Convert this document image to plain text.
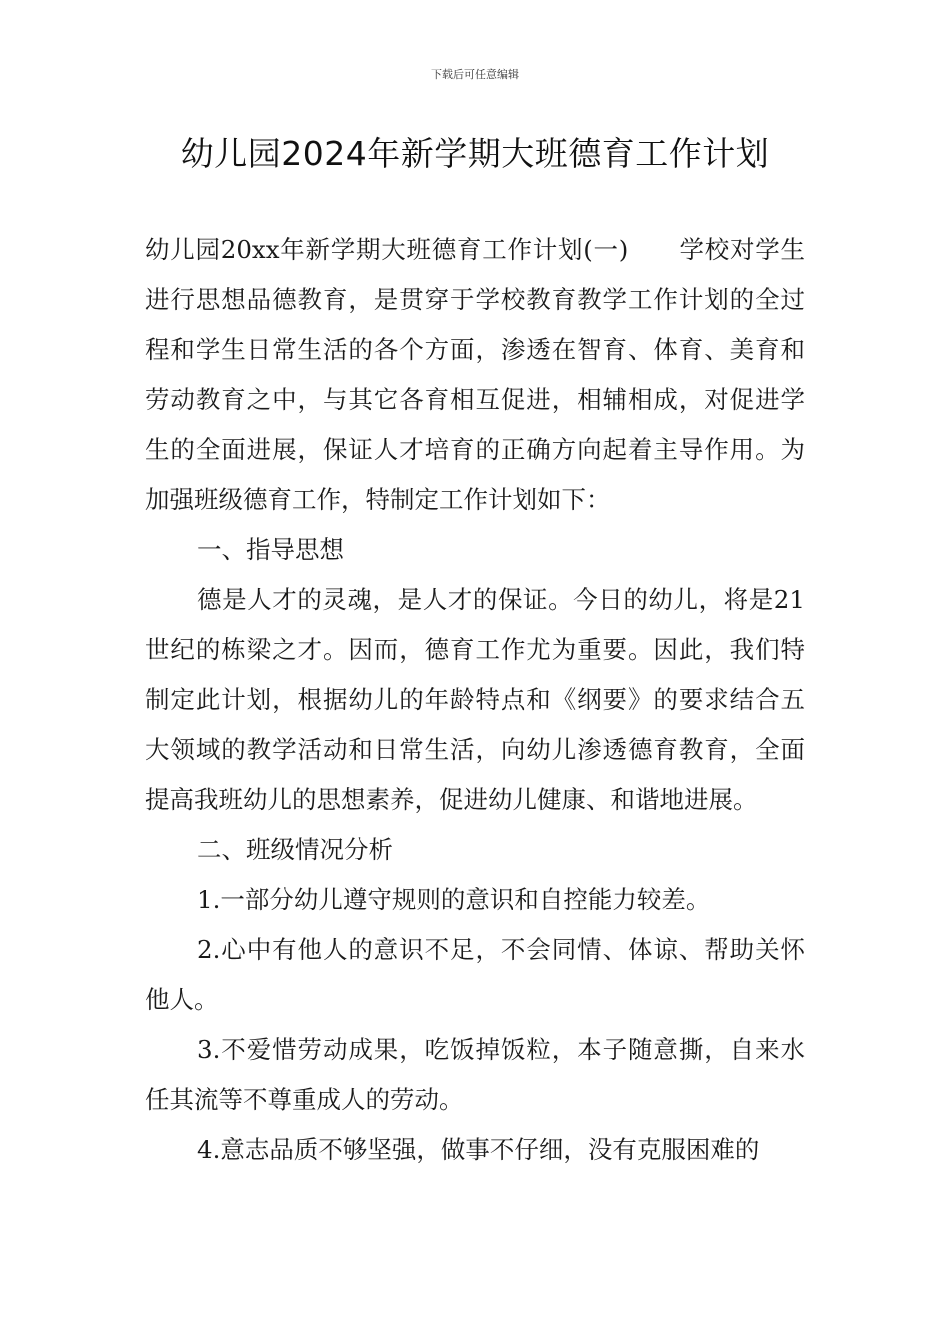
下载后可任意编辑
幼儿园2024年新学期大班德育工作计划

幼儿园20xx年新学期大班德育工作计划(一)　　学校对学生进行思想品德教育，是贯穿于学校教育教学工作计划的全过程和学生日常生活的各个方面，渗透在智育、体育、美育和劳动教育之中，与其它各育相互促进，相辅相成，对促进学生的全面进展，保证人才培育的正确方向起着主导作用。为加强班级德育工作，特制定工作计划如下：

一、指导思想

德是人才的灵魂，是人才的保证。今日的幼儿，将是21世纪的栋梁之才。因而，德育工作尤为重要。因此，我们特制定此计划，根据幼儿的年龄特点和《纲要》的要求结合五大领域的教学活动和日常生活，向幼儿渗透德育教育，全面提高我班幼儿的思想素养，促进幼儿健康、和谐地进展。

二、班级情况分析

1.一部分幼儿遵守规则的意识和自控能力较差。

2.心中有他人的意识不足，不会同情、体谅、帮助关怀他人。

3.不爱惜劳动成果，吃饭掉饭粒，本子随意撕，自来水任其流等不尊重成人的劳动。

4.意志品质不够坚强，做事不仔细，没有克服困难的
